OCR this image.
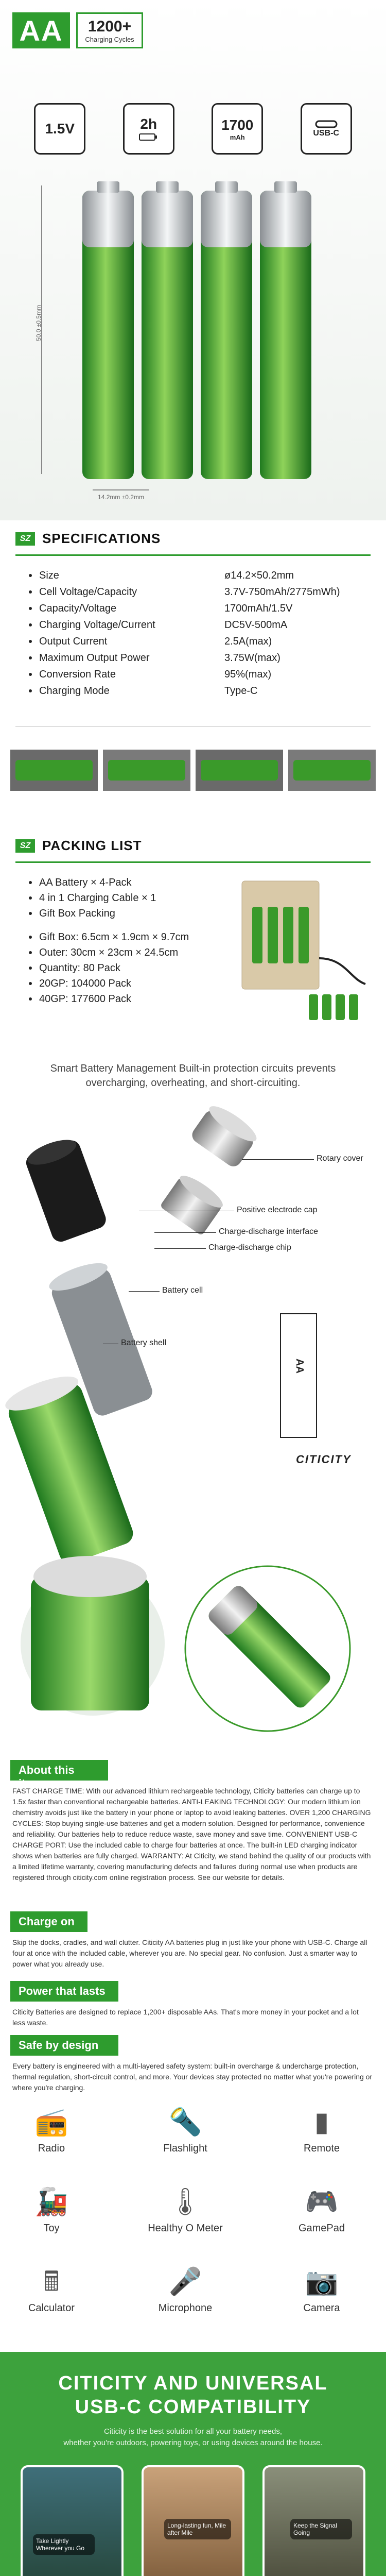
AA	1200+
Charging Cycles
1.5V	2h	1700
mAh	USB-C
50.0 ±0.5mm
14.2mm ±0.2mm
SZ SPECIFICATIONS
Size	ø14.2×50.2mm
Cell Voltage/Capacity	3.7V-750mAh/2775mWh)
Capacity/Voltage	1700mAh/1.5V
Charging Voltage/Current	DC5V-500mA
Output Current	2.5A(max)
Maximum Output Power	3.75W(max)
Conversion Rate	95%(max)
Charging Mode	Type-C
SZ PACKING LIST
AA Battery × 4-Pack
4 in 1 Charging Cable × 1
Gift Box Packing
Gift Box: 6.5cm × 1.9cm × 9.7cm
Outer: 30cm × 23cm × 24.5cm
Quantity: 80 Pack
20GP: 104000 Pack
40GP: 177600 Pack
Smart Battery Management Built-in protection circuits prevents overcharging, overheating, and short-circuiting.
Rotary cover
Positive electrode cap
Charge-discharge interface
Charge-discharge chip
Battery cell
Battery shell
AA
CITICITY
About this item
FAST CHARGE TIME: With our advanced lithium rechargeable technology, Citicity batteries can charge up to 1.5x faster than conventional rechargeable batteries. ANTI-LEAKING TECHNOLOGY: Our modern lithium ion chemistry avoids just like the battery in your phone or laptop to avoid leaking batteries. OVER 1,200 CHARGING CYCLES: Stop buying single-use batteries and get a modern solution. Designed for performance, convenience and reliability. Our batteries help to reduce reduce waste, save money and save time. CONVENIENT USB-C CHARGE PORT: Use the included cable to charge four batteries at once. The built-in LED charging indicator shows when batteries are fully charged. WARRANTY: At Citicity, we stand behind the quality of our products with a limited lifetime warranty, covering manufacturing defects and failures during normal use when products are registered through citicity.com online registration process. See our website for details.
Charge on
Skip the docks, cradles, and wall clutter. Citicity AA batteries plug in just like your phone with USB-C. Charge all four at once with the included cable, wherever you are. No special gear. No confusion. Just a smarter way to power what you already use.
Power that lasts
Citicity Batteries are designed to replace 1,200+ disposable AAs. That's more money in your pocket and a lot less waste.
Safe by design
Every battery is engineered with a multi-layered safety system: built-in overcharge & undercharge protection, thermal regulation, short-circuit control, and more. Your devices stay protected no matter what you're powering or where you're charging.
📻
Radio
🔦
Flashlight
▮
Remote
🚂
Toy
🌡
Healthy O Meter
🎮
GamePad
🖩
Calculator
🎤
Microphone
📷
Camera
CITICITY AND UNIVERSAL
USB-C COMPATIBILITY
Citicity is the best solution for all your battery needs,
whether you're outdoors, powering toys, or using devices around the house.
Take Lightly Wherever you Go
Long-lasting fun, Mile after Mile
Keep the Signal Going
